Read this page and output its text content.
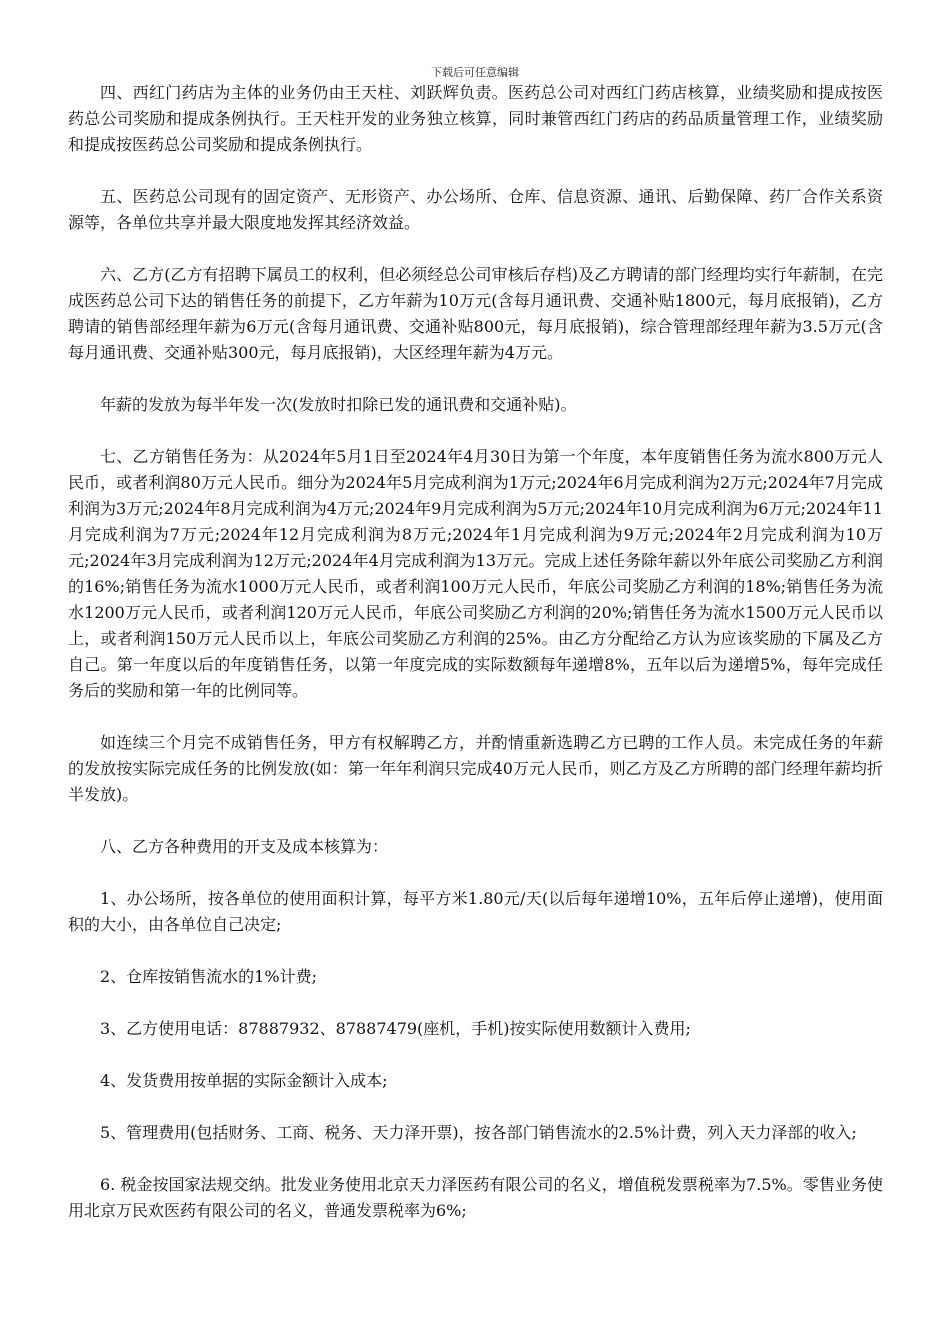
下载后可任意编辑

四、西红门药店为主体的业务仍由王天柱、刘跃辉负责。医药总公司对西红门药店核算，业绩奖励和提成按医药总公司奖励和提成条例执行。王天柱开发的业务独立核算，同时兼管西红门药店的药品质量管理工作，业绩奖励和提成按医药总公司奖励和提成条例执行。

五、医药总公司现有的固定资产、无形资产、办公场所、仓库、信息资源、通讯、后勤保障、药厂合作关系资源等，各单位共享并最大限度地发挥其经济效益。

六、乙方(乙方有招聘下属员工的权利，但必须经总公司审核后存档)及乙方聘请的部门经理均实行年薪制，在完成医药总公司下达的销售任务的前提下，乙方年薪为10万元(含每月通讯费、交通补贴1800元，每月底报销)，乙方聘请的销售部经理年薪为6万元(含每月通讯费、交通补贴800元，每月底报销)，综合管理部经理年薪为3.5万元(含每月通讯费、交通补贴300元，每月底报销)，大区经理年薪为4万元。

年薪的发放为每半年发一次(发放时扣除已发的通讯费和交通补贴)。

七、乙方销售任务为：从2024年5月1日至2024年4月30日为第一个年度，本年度销售任务为流水800万元人民币，或者利润80万元人民币。细分为2024年5月完成利润为1万元;2024年6月完成利润为2万元;2024年7月完成利润为3万元;2024年8月完成利润为4万元;2024年9月完成利润为5万元;2024年10月完成利润为6万元;2024年11月完成利润为7万元;2024年12月完成利润为8万元;2024年1月完成利润为9万元;2024年2月完成利润为10万元;2024年3月完成利润为12万元;2024年4月完成利润为13万元。完成上述任务除年薪以外年底公司奖励乙方利润的16%;销售任务为流水1000万元人民币，或者利润100万元人民币，年底公司奖励乙方利润的18%;销售任务为流水1200万元人民币，或者利润120万元人民币，年底公司奖励乙方利润的20%;销售任务为流水1500万元人民币以上，或者利润150万元人民币以上，年底公司奖励乙方利润的25%。由乙方分配给乙方认为应该奖励的下属及乙方自己。第一年度以后的年度销售任务，以第一年度完成的实际数额每年递增8%，五年以后为递增5%，每年完成任务后的奖励和第一年的比例同等。

如连续三个月完不成销售任务，甲方有权解聘乙方，并酌情重新选聘乙方已聘的工作人员。未完成任务的年薪的发放按实际完成任务的比例发放(如：第一年年利润只完成40万元人民币，则乙方及乙方所聘的部门经理年薪均折半发放)。

八、乙方各种费用的开支及成本核算为：

1、办公场所，按各单位的使用面积计算，每平方米1.80元/天(以后每年递增10%，五年后停止递增)，使用面积的大小，由各单位自己决定;

2、仓库按销售流水的1%计费;

3、乙方使用电话：87887932、87887479(座机，手机)按实际使用数额计入费用;

4、发货费用按单据的实际金额计入成本;

5、管理费用(包括财务、工商、税务、天力泽开票)，按各部门销售流水的2.5%计费，列入天力泽部的收入;

6. 税金按国家法规交纳。批发业务使用北京天力泽医药有限公司的名义，增值税发票税率为7.5%。零售业务使用北京万民欢医药有限公司的名义，普通发票税率为6%;
